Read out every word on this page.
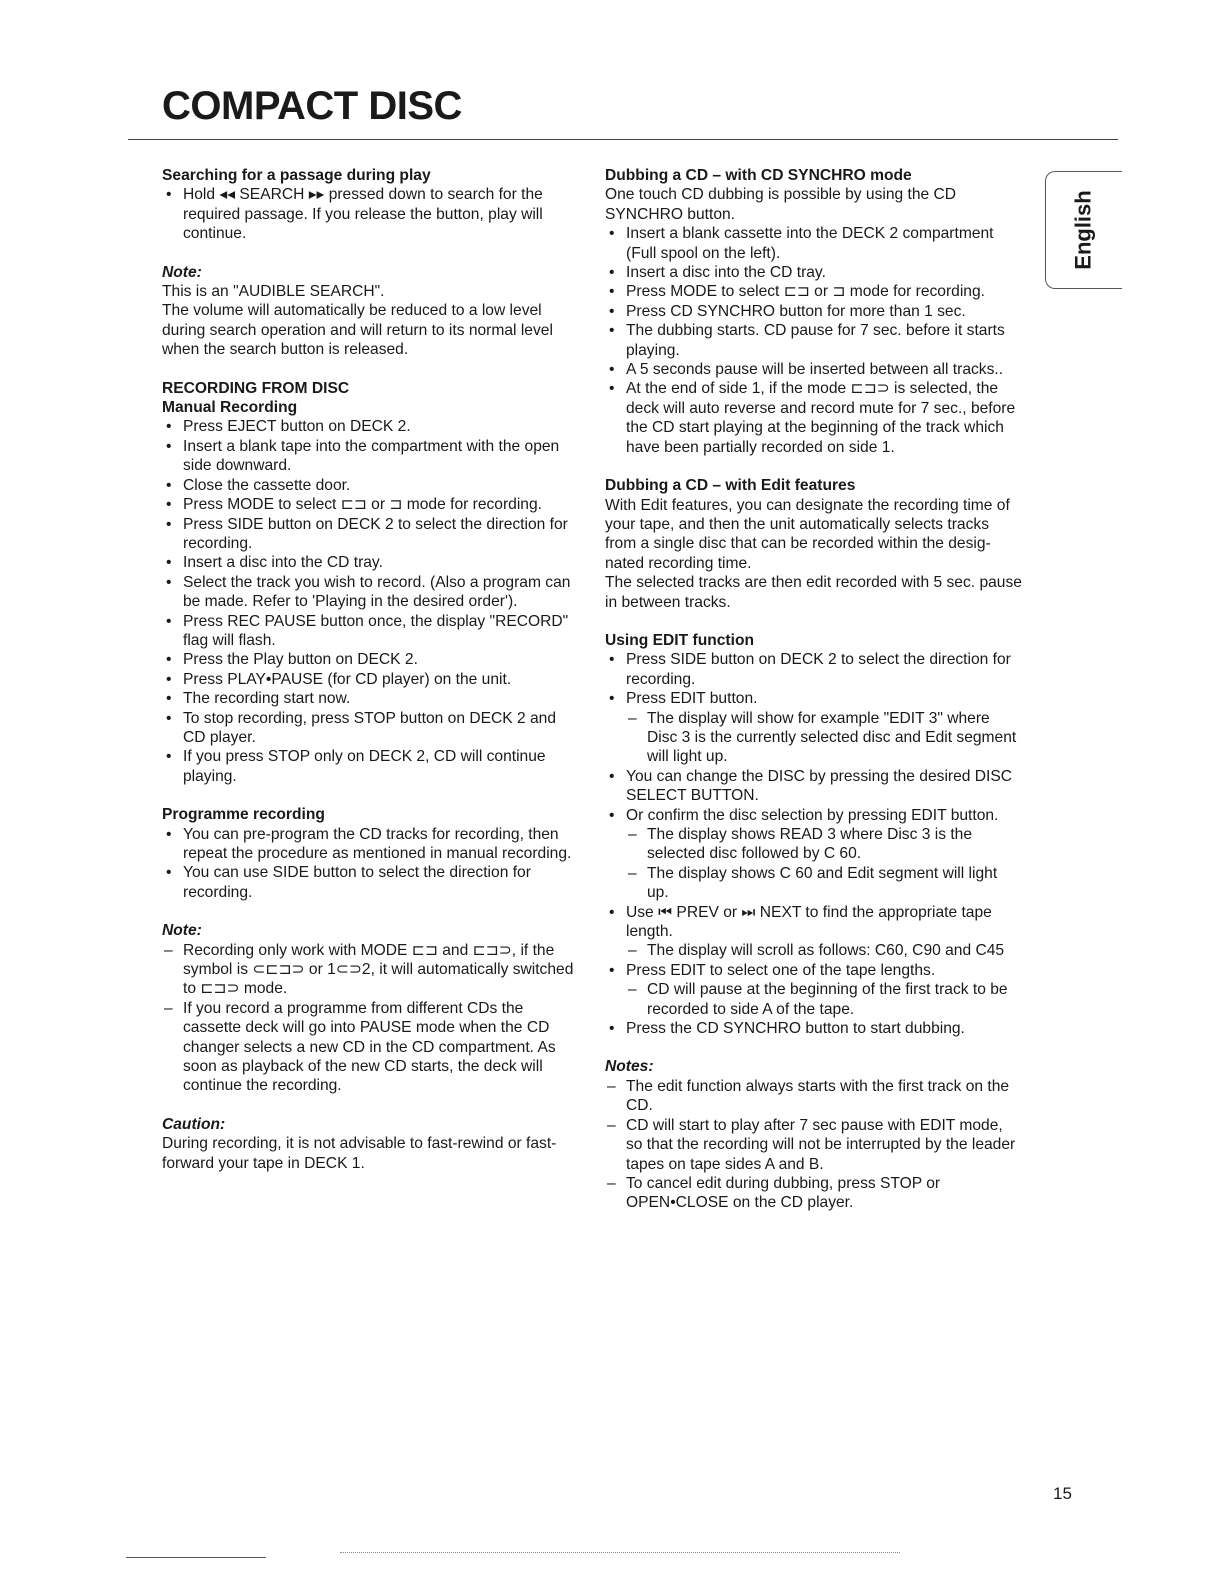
COMPACT DISC
English

Searching for a passage during play

• Hold ◂◂ SEARCH ▸▸ pressed down to search for the required passage. If you release the button, play will continue.

Note:

This is an "AUDIBLE SEARCH".

The volume will automatically be reduced to a low level during search operation and will return to its normal level when the search button is released.

RECORDING FROM DISC

Manual Recording

• Press EJECT button on DECK 2.
• Insert a blank tape into the compartment with the open side downward.
• Close the cassette door.
• Press MODE to select ⊏⊐ or ⊐ mode for recording.
• Press SIDE button on DECK 2 to select the direction for recording.
• Insert a disc into the CD tray.
• Select the track you wish to record. (Also a program can be made. Refer to 'Playing in the desired order').
• Press REC PAUSE button once, the display "RECORD" flag will flash.
• Press the Play button on DECK 2.
• Press PLAY•PAUSE (for CD player) on the unit.
• The recording start now.
• To stop recording, press STOP button on DECK 2 and CD player.
• If you press STOP only on DECK 2, CD will continue playing.

Programme recording

• You can pre-program the CD tracks for recording, then repeat the procedure as mentioned in manual recording.
• You can use SIDE button to select the direction for recording.

Note:

– Recording only work with MODE ⊏⊐ and ⊏⊐⊃, if the symbol is ⊂⊏⊐⊃ or 1⊂⊃2, it will automatically switched to ⊏⊐⊃ mode.
– If you record a programme from different CDs the cassette deck will go into PAUSE mode when the CD changer selects a new CD in the CD compartment. As soon as playback of the new CD starts, the deck will continue the recording.

Caution:

During recording, it is not advisable to fast-rewind or fast-forward your tape in DECK 1.

Dubbing a CD – with CD SYNCHRO mode

One touch CD dubbing is possible by using the CD SYNCHRO button.

• Insert a blank cassette into the DECK 2 compartment (Full spool on the left).
• Insert a disc into the CD tray.
• Press MODE to select ⊏⊐ or ⊐ mode for recording.
• Press CD SYNCHRO button for more than 1 sec.
• The dubbing starts. CD pause for 7 sec. before it starts playing.
• A 5 seconds pause will be inserted between all tracks..
• At the end of side 1, if the mode ⊏⊐⊃ is selected, the deck will auto reverse and record mute for 7 sec., before the CD start playing at the beginning of the track which have been partially recorded on side 1.

Dubbing a CD – with Edit features

With Edit features, you can designate the recording time of your tape, and then the unit automatically selects tracks from a single disc that can be recorded within the desig-nated recording time.

The selected tracks are then edit recorded with 5 sec. pause in between tracks.

Using EDIT function

• Press SIDE button on DECK 2 to select the direction for recording.
• Press EDIT button.
– The display will show for example "EDIT 3" where Disc 3 is the currently selected disc and Edit segment will light up.
• You can change the DISC by pressing the desired DISC SELECT BUTTON.
• Or confirm the disc selection by pressing EDIT button.
– The display shows READ 3 where Disc 3 is the selected disc followed by C 60.
– The display shows C 60 and Edit segment will light up.
• Use ⏮ PREV or ⏭ NEXT to find the appropriate tape length.
– The display will scroll as follows: C60, C90 and C45
• Press EDIT to select one of the tape lengths.
– CD will pause at the beginning of the first track to be recorded to side A of the tape.
• Press the CD SYNCHRO button to start dubbing.

Notes:

– The edit function always starts with the first track on the CD.
– CD will start to play after 7 sec pause with EDIT mode, so that the recording will not be interrupted by the leader tapes on tape sides A and B.
– To cancel edit during dubbing, press STOP or OPEN•CLOSE on the CD player.
15
